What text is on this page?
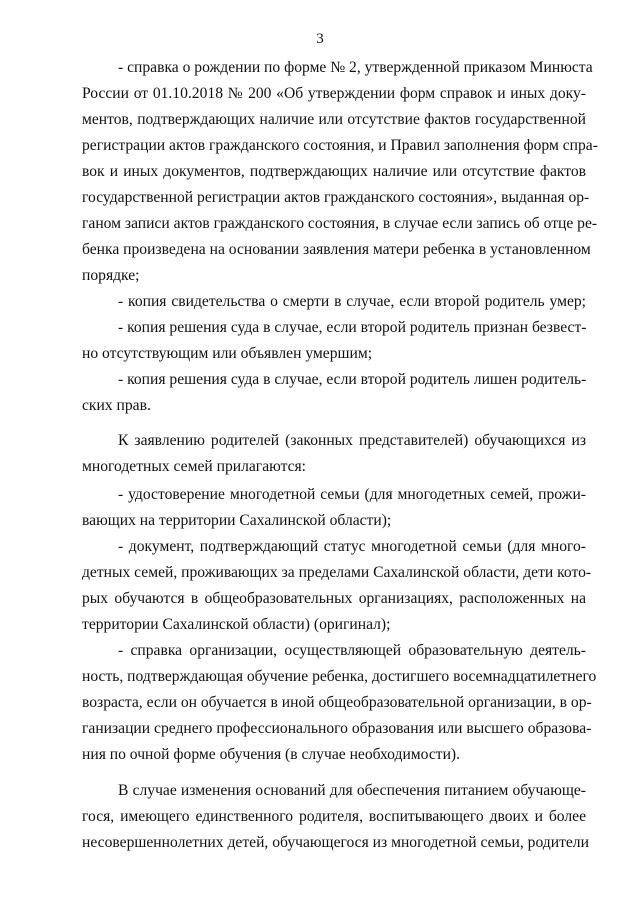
3
- справка о рождении по форме № 2, утвержденной приказом Минюста
России от 01.10.2018 № 200 «Об утверждении форм справок и иных доку-
ментов, подтверждающих наличие или отсутствие фактов государственной
регистрации актов гражданского состояния, и Правил заполнения форм спра-
вок и иных документов, подтверждающих наличие или отсутствие фактов
государственной регистрации актов гражданского состояния», выданная ор-
ганом записи актов гражданского состояния, в случае если запись об отце ре-
бенка произведена на основании заявления матери ребенка в установленном
порядке;
- копия свидетельства о смерти в случае, если второй родитель умер;
- копия решения суда в случае, если второй родитель признан безвест-
но отсутствующим или объявлен умершим;
- копия решения суда в случае, если второй родитель лишен родитель-
ских прав.
К заявлению родителей (законных представителей) обучающихся из
многодетных семей прилагаются:
- удостоверение многодетной семьи (для многодетных семей, прожи-
вающих на территории Сахалинской области);
- документ, подтверждающий статус многодетной семьи (для много-
детных семей, проживающих за пределами Сахалинской области, дети кото-
рых обучаются в общеобразовательных организациях, расположенных на
территории Сахалинской области) (оригинал);
- справка организации, осуществляющей образовательную деятель-
ность, подтверждающая обучение ребенка, достигшего восемнадцатилетнего
возраста, если он обучается в иной общеобразовательной организации, в ор-
ганизации среднего профессионального образования или высшего образова-
ния по очной форме обучения (в случае необходимости).
В случае изменения оснований для обеспечения питанием обучающе-
гося, имеющего единственного родителя, воспитывающего двоих и более
несовершеннолетних детей, обучающегося из многодетной семьи, родители
